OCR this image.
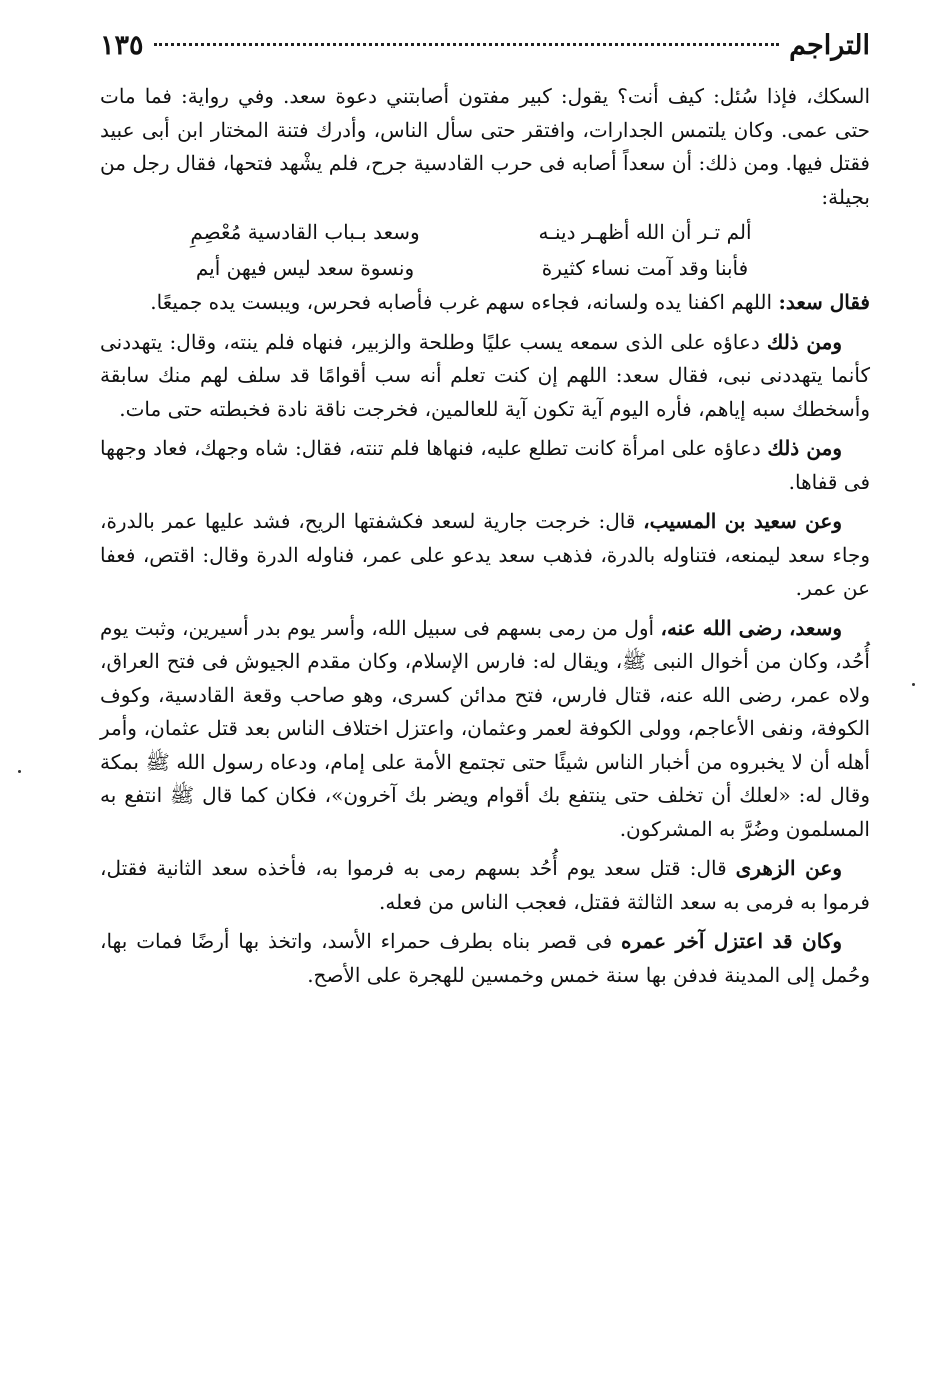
التراجم
١٣٥

السكك، فإذا سُئل: كيف أنت؟ يقول: كبير مفتون أصابتني دعوة سعد. وفي رواية: فما مات حتى عمى. وكان يلتمس الجدارات، وافتقر حتى سأل الناس، وأدرك فتنة المختار ابن أبى عبيد فقتل فيها. ومن ذلك: أن سعداً أصابه فى حرب القادسية جرح، فلم يشْهد فتحها، فقال رجل من بجيلة:

ألم تـر أن الله أظهـر دينـه
وسعد بـباب القادسية مُعْصِمِ
فأبنا وقد آمت نساء كثيرة
ونسوة سعد ليس فيهن أيم

فقال سعد: اللهم اكفنا يده ولسانه، فجاءه سهم غرب فأصابه فحرس، ويبست يده جميعًا.

ومن ذلك دعاؤه على الذى سمعه يسب عليًا وطلحة والزبير، فنهاه فلم ينته، وقال: يتهددنى كأنما يتهددنى نبى، فقال سعد: اللهم إن كنت تعلم أنه سب أقوامًا قد سلف لهم منك سابقة وأسخطك سبه إياهم، فأره اليوم آية تكون آية للعالمين، فخرجت ناقة نادة فخبطته حتى مات.

ومن ذلك دعاؤه على امرأة كانت تطلع عليه، فنهاها فلم تنته، فقال: شاه وجهك، فعاد وجهها فى قفاها.

وعن سعيد بن المسيب، قال: خرجت جارية لسعد فكشفتها الريح، فشد عليها عمر بالدرة، وجاء سعد ليمنعه، فتناوله بالدرة، فذهب سعد يدعو على عمر، فناوله الدرة وقال: اقتص، فعفا عن عمر.

وسعد، رضى الله عنه، أول من رمى بسهم فى سبيل الله، وأسر يوم بدر أسيرين، وثبت يوم أُحُد، وكان من أخوال النبى ﷺ، ويقال له: فارس الإسلام، وكان مقدم الجيوش فى فتح العراق، ولاه عمر، رضى الله عنه، قتال فارس، فتح مدائن كسرى، وهو صاحب وقعة القادسية، وكوف الكوفة، ونفى الأعاجم، وولى الكوفة لعمر وعثمان، واعتزل اختلاف الناس بعد قتل عثمان، وأمر أهله أن لا يخبروه من أخبار الناس شيئًا حتى تجتمع الأمة على إمام، ودعاه رسول الله ﷺ بمكة وقال له: «لعلك أن تخلف حتى ينتفع بك أقوام ويضر بك آخرون»، فكان كما قال ﷺ انتفع به المسلمون وضُرَّ به المشركون.

وعن الزهرى قال: قتل سعد يوم أُحُد بسهم رمى به فرموا به، فأخذه سعد الثانية فقتل، فرموا به فرمى به سعد الثالثة فقتل، فعجب الناس من فعله.

وكان قد اعتزل آخر عمره فى قصر بناه بطرف حمراء الأسد، واتخذ بها أرضًا فمات بها، وحُمل إلى المدينة فدفن بها سنة خمس وخمسين للهجرة على الأصح.
